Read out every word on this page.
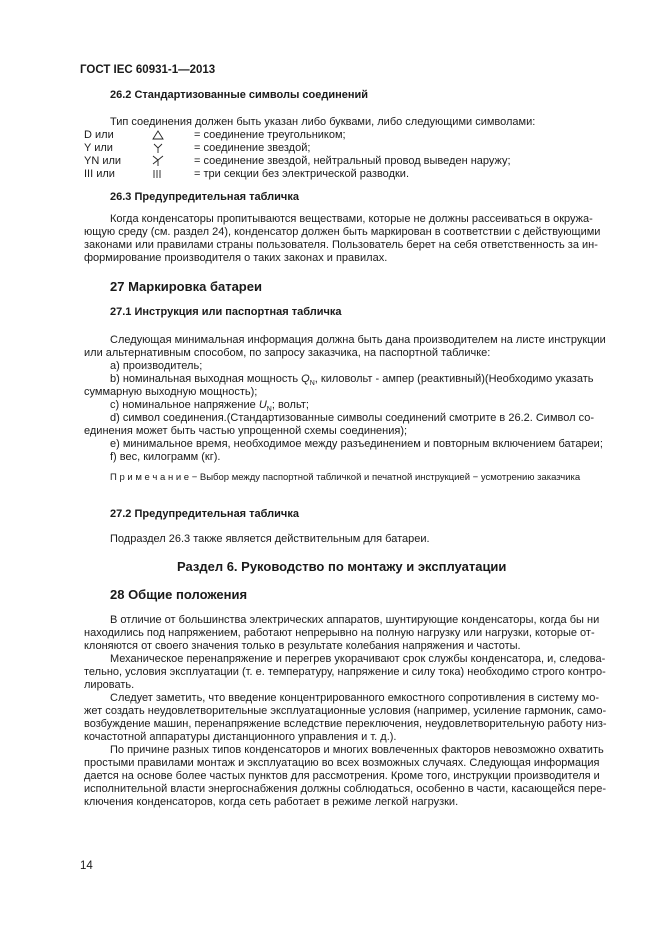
ГОСТ IEC 60931-1—2013
26.2 Стандартизованные символы соединений
Тип соединения должен быть указан либо буквами, либо следующими символами:
D или	= соединение треугольником;
Y или	= соединение звездой;
YN или	= соединение звездой, нейтральный провод выведен наружу;
III или	= три секции без электрической разводки.
26.3 Предупредительная табличка
Когда конденсаторы пропитываются веществами, которые не должны рассеиваться в окружа-
ющую среду (см. раздел 24), конденсатор должен быть маркирован в соответствии с действующими
законами или правилами страны пользователя. Пользователь берет на себя ответственность за ин-
формирование производителя о таких законах и правилах.
27 Маркировка батареи
27.1 Инструкция или паспортная табличка
Следующая минимальная информация должна быть дана производителем на листе инструкции
или альтернативным способом, по запросу заказчика, на паспортной табличке:
a) производитель;
b) номинальная выходная мощность $Q_N$, киловольт - ампер (реактивный)(Необходимо указать
суммарную выходную мощность);
c) номинальное напряжение $U_N$; вольт;
d) символ соединения.(Стандартизованные символы соединений смотрите в 26.2. Символ со-
единения может быть частью упрощенной схемы соединения);
e) минимальное время, необходимое между разъединением и повторным включением батареи;
f) вес, килограмм (кг).
П р и м е ч а н и е − Выбор между паспортной табличкой и печатной инструкцией − усмотрению заказчика
27.2 Предупредительная табличка
Подраздел 26.3 также является действительным для батареи.
Раздел 6. Руководство по монтажу и эксплуатации
28 Общие положения
В отличие от большинства электрических аппаратов, шунтирующие конденсаторы, когда бы ни
находились под напряжением, работают непрерывно на полную нагрузку или нагрузки, которые от-
клоняются от своего значения только в результате колебания напряжения и частоты.
Механическое перенапряжение и перегрев укорачивают срок службы конденсатора, и, следова-
тельно, условия эксплуатации (т. е. температуру, напряжение и силу тока) необходимо строго контро-
лировать.
Следует заметить, что введение концентрированного емкостного сопротивления в систему мо-
жет создать неудовлетворительные эксплуатационные условия (например, усиление гармоник, само-
возбуждение машин, перенапряжение вследствие переключения, неудовлетворительную работу низ-
кочастотной аппаратуры дистанционного управления и т. д.).
По причине разных типов конденсаторов и многих вовлеченных факторов невозможно охватить
простыми правилами монтаж и эксплуатацию во всех возможных случаях. Следующая информация
дается на основе более частых пунктов для рассмотрения. Кроме того, инструкции производителя и
исполнительной власти энергоснабжения должны соблюдаться, особенно в части, касающейся пере-
ключения конденсаторов, когда сеть работает в режиме легкой нагрузки.
14
